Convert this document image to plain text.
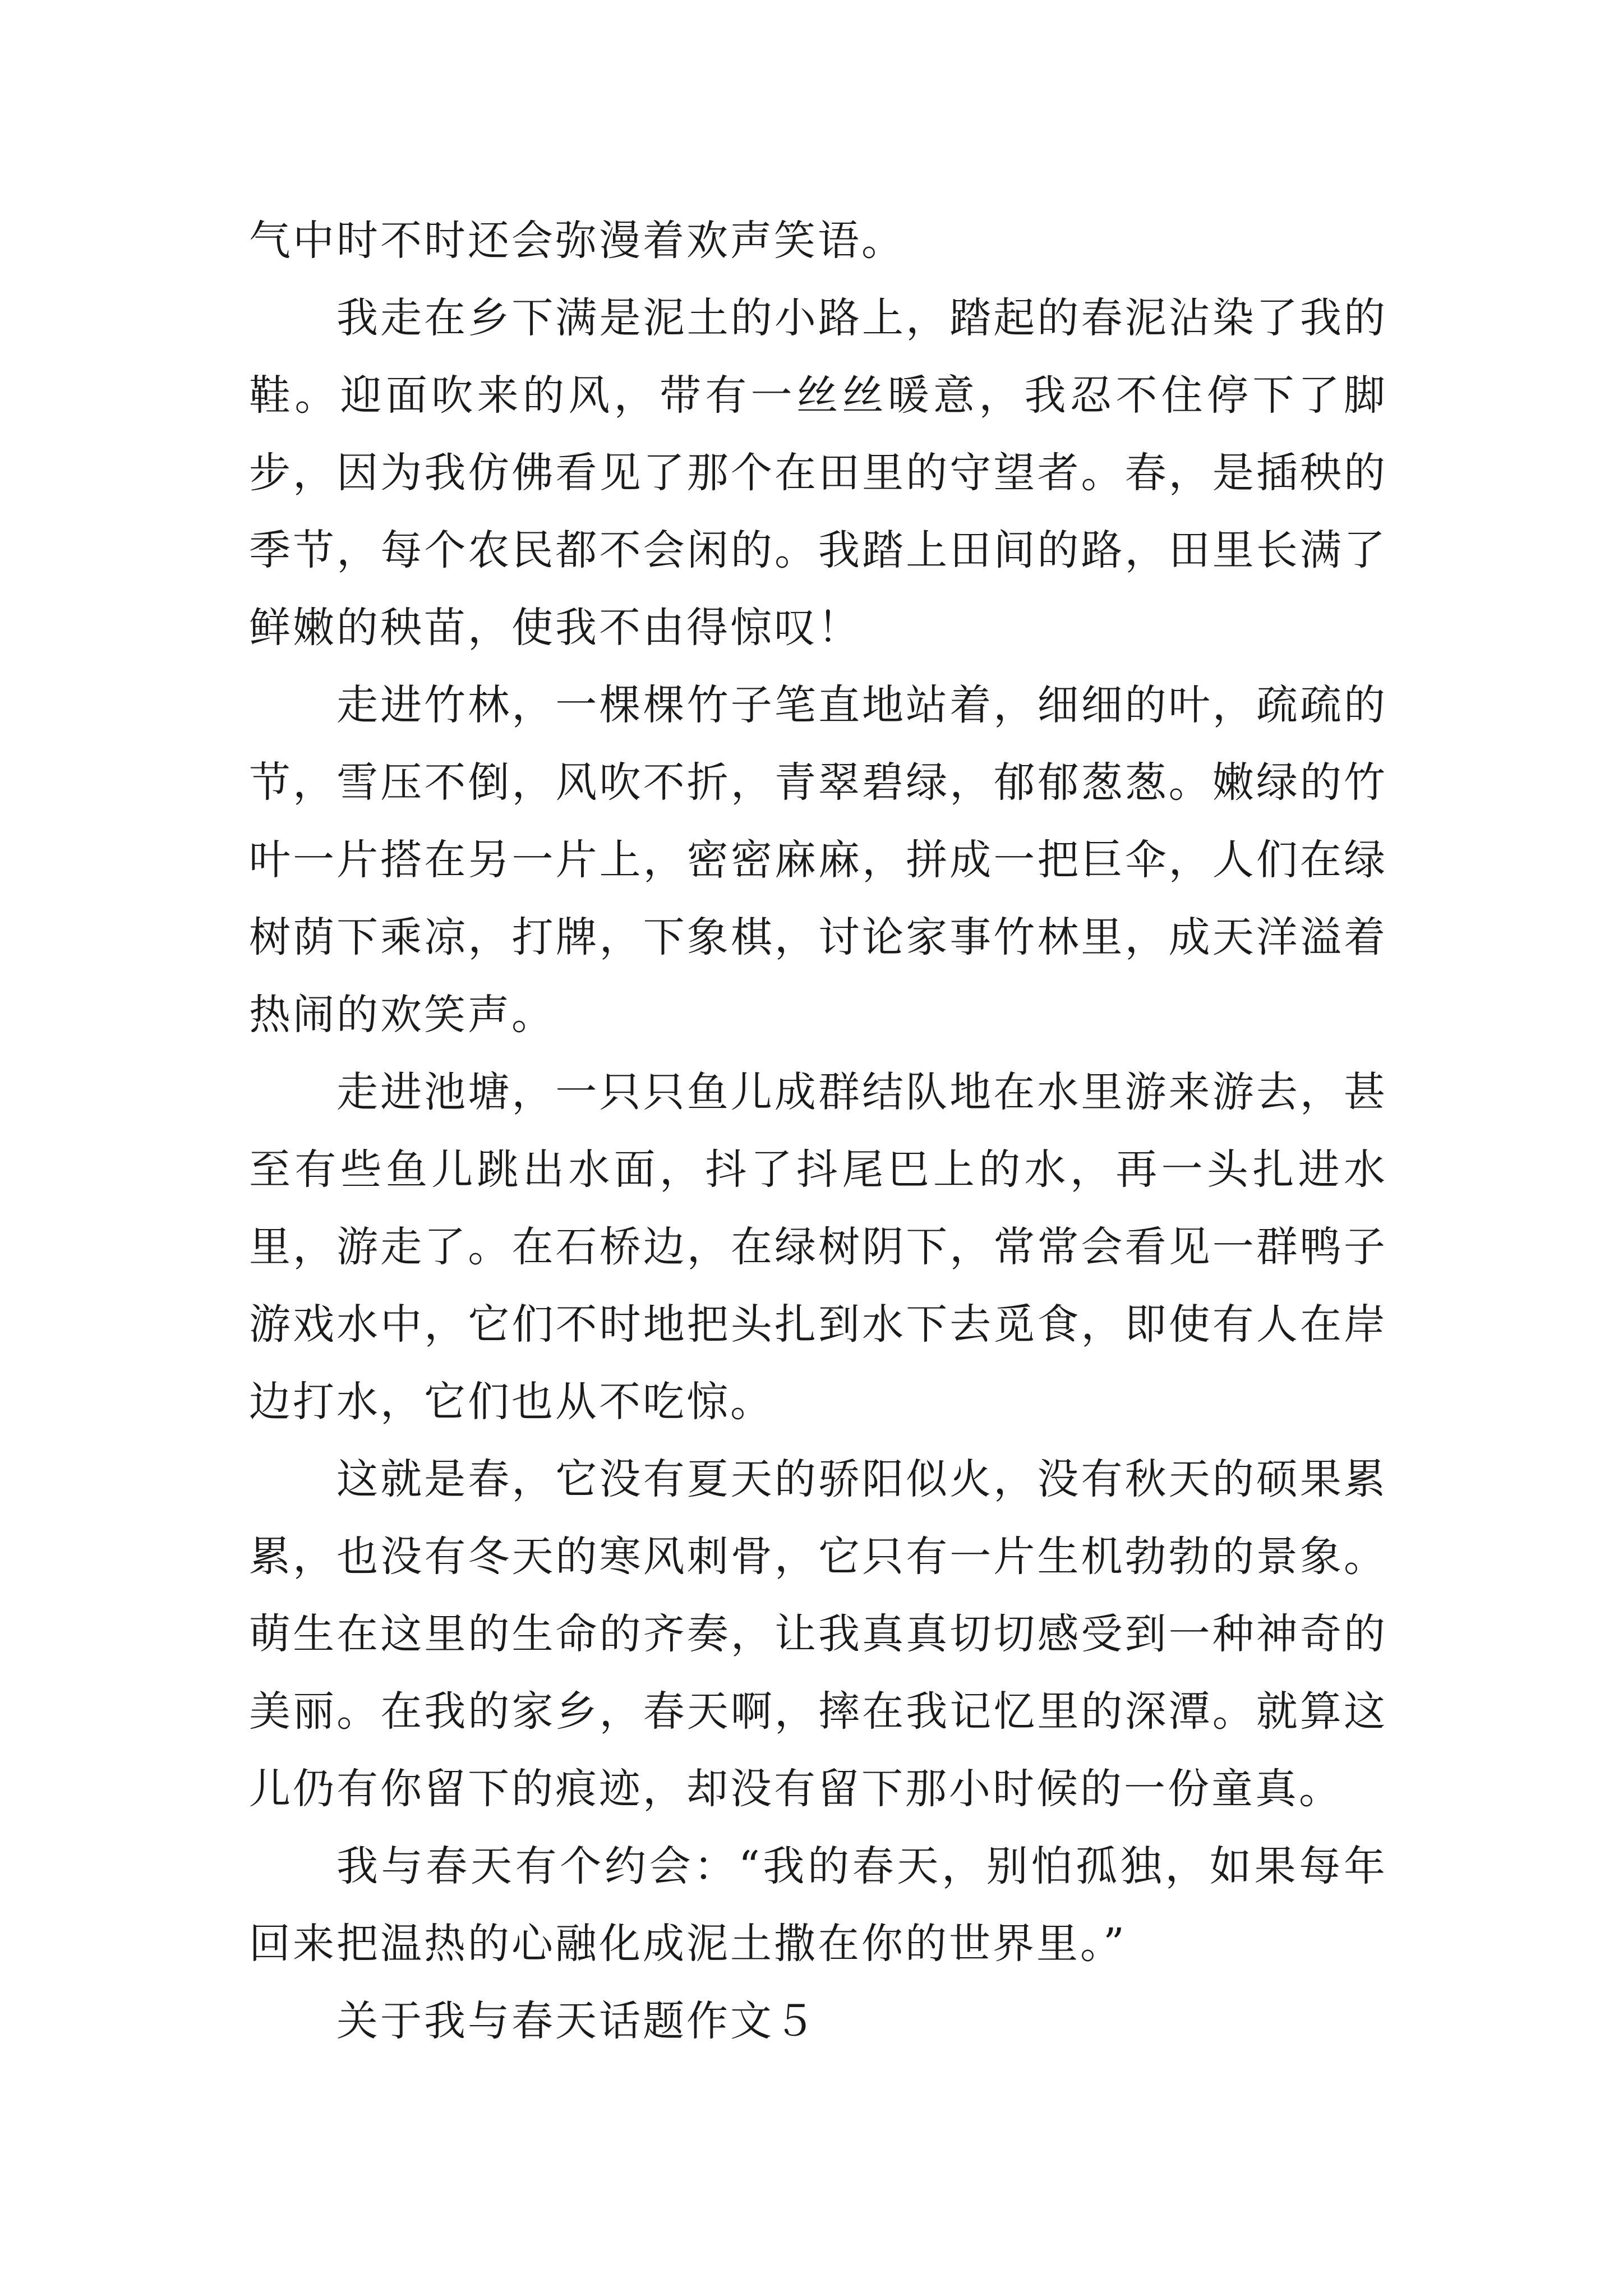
气中时不时还会弥漫着欢声笑语。

我走在乡下满是泥土的小路上，踏起的春泥沾染了我的鞋。迎面吹来的风，带有一丝丝暖意，我忍不住停下了脚步，因为我仿佛看见了那个在田里的守望者。春，是插秧的季节，每个农民都不会闲的。我踏上田间的路，田里长满了鲜嫩的秧苗，使我不由得惊叹！

走进竹林，一棵棵竹子笔直地站着，细细的叶，疏疏的节，雪压不倒，风吹不折，青翠碧绿，郁郁葱葱。嫩绿的竹叶一片搭在另一片上，密密麻麻，拼成一把巨伞，人们在绿树荫下乘凉，打牌，下象棋，讨论家事竹林里，成天洋溢着热闹的欢笑声。

走进池塘，一只只鱼儿成群结队地在水里游来游去，甚至有些鱼儿跳出水面，抖了抖尾巴上的水，再一头扎进水里，游走了。在石桥边，在绿树阴下，常常会看见一群鸭子游戏水中，它们不时地把头扎到水下去觅食，即使有人在岸边打水，它们也从不吃惊。

这就是春，它没有夏天的骄阳似火，没有秋天的硕果累累，也没有冬天的寒风刺骨，它只有一片生机勃勃的景象。萌生在这里的生命的齐奏，让我真真切切感受到一种神奇的美丽。在我的家乡，春天啊，摔在我记忆里的深潭。就算这儿仍有你留下的痕迹，却没有留下那小时候的一份童真。

我与春天有个约会：“我的春天，别怕孤独，如果每年回来把温热的心融化成泥土撒在你的世界里。”

关于我与春天话题作文５
